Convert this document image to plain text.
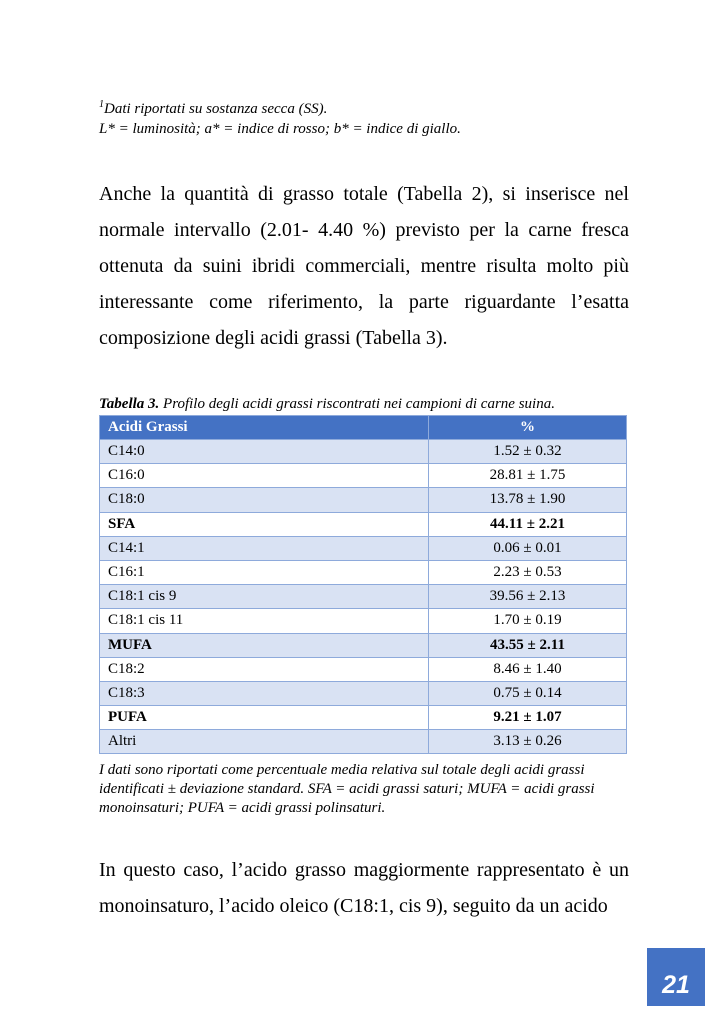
$^1$Dati riportati su sostanza secca (SS).
L* = luminosità; a* = indice di rosso; b* = indice di giallo.

Anche la quantità di grasso totale (Tabella 2), si inserisce nel normale intervallo (2.01- 4.40 %) previsto per la carne fresca ottenuta da suini ibridi commerciali, mentre risulta molto più interessante come riferimento, la parte riguardante l’esatta composizione degli acidi grassi (Tabella 3).

Tabella 3. Profilo degli acidi grassi riscontrati nei campioni di carne suina.
Acidi Grassi	%
C14:0	1.52 ± 0.32
C16:0	28.81 ± 1.75
C18:0	13.78 ± 1.90
SFA	44.11 ± 2.21
C14:1	0.06 ± 0.01
C16:1	2.23 ± 0.53
C18:1 cis 9	39.56 ± 2.13
C18:1 cis 11	1.70 ± 0.19
MUFA	43.55 ± 2.11
C18:2	8.46 ± 1.40
C18:3	0.75 ± 0.14
PUFA	9.21 ± 1.07
Altri	3.13 ± 0.26
I dati sono riportati come percentuale media relativa sul totale degli acidi grassi identificati ± deviazione standard. SFA = acidi grassi saturi; MUFA = acidi grassi monoinsaturi; PUFA = acidi grassi polinsaturi.

In questo caso, l’acido grasso maggiormente rappresentato è un monoinsaturo, l’acido oleico (C18:1, cis 9), seguito da un acido

21
